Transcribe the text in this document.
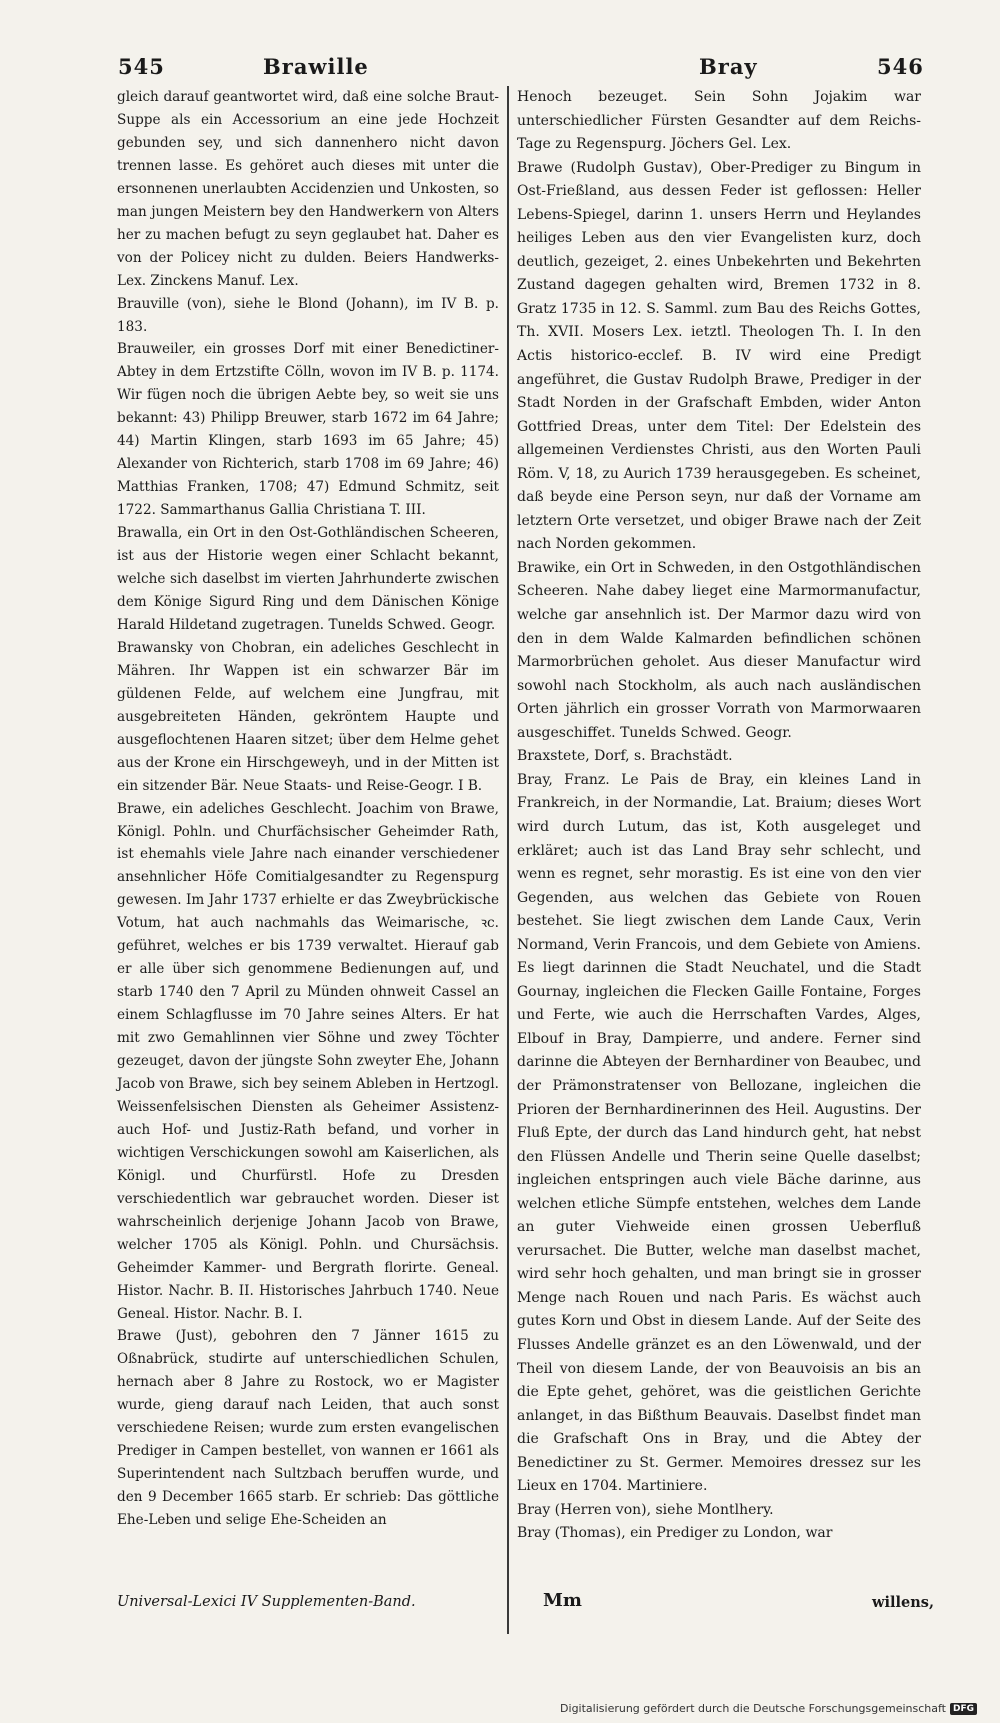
545	Brawille	Bray	546

gleich darauf geantwortet wird, daß eine solche Braut-Suppe als ein Accessorium an eine jede Hochzeit gebunden sey, und sich dannenhero nicht davon trennen lasse. Es gehöret auch dieses mit unter die ersonnenen unerlaubten Accidenzien und Unkosten, so man jungen Meistern bey den Handwerkern von Alters her zu machen befugt zu seyn geglaubet hat. Daher es von der Policey nicht zu dulden. Beiers Handwerks-Lex. Zinckens Manuf. Lex.

Brauville (von), siehe le Blond (Johann), im IV B. p. 183.

Brauweiler, ein grosses Dorf mit einer Benedictiner-Abtey in dem Ertzstifte Cölln, wovon im IV B. p. 1174. Wir fügen noch die übrigen Aebte bey, so weit sie uns bekannt: 43) Philipp Breuwer, starb 1672 im 64 Jahre; 44) Martin Klingen, starb 1693 im 65 Jahre; 45) Alexander von Richterich, starb 1708 im 69 Jahre; 46) Matthias Franken, 1708; 47) Edmund Schmitz, seit 1722. Sammarthanus Gallia Christiana T. III.

Brawalla, ein Ort in den Ost-Gothländischen Scheeren, ist aus der Historie wegen einer Schlacht bekannt, welche sich daselbst im vierten Jahrhunderte zwischen dem Könige Sigurd Ring und dem Dänischen Könige Harald Hildetand zugetragen. Tunelds Schwed. Geogr.

Brawansky von Chobran, ein adeliches Geschlecht in Mähren. Ihr Wappen ist ein schwarzer Bär im güldenen Felde, auf welchem eine Jungfrau, mit ausgebreiteten Händen, gekröntem Haupte und ausgeflochtenen Haaren sitzet; über dem Helme gehet aus der Krone ein Hirschgeweyh, und in der Mitten ist ein sitzender Bär. Neue Staats- und Reise-Geogr. I B.

Brawe, ein adeliches Geschlecht. Joachim von Brawe, Königl. Pohln. und Churfächsischer Geheimder Rath, ist ehemahls viele Jahre nach einander verschiedener ansehnlicher Höfe Comitialgesandter zu Regenspurg gewesen. Im Jahr 1737 erhielte er das Zweybrückische Votum, hat auch nachmahls das Weimarische, ꝛc. geführet, welches er bis 1739 verwaltet. Hierauf gab er alle über sich genommene Bedienungen auf, und starb 1740 den 7 April zu Münden ohnweit Cassel an einem Schlagflusse im 70 Jahre seines Alters. Er hat mit zwo Gemahlinnen vier Söhne und zwey Töchter gezeuget, davon der jüngste Sohn zweyter Ehe, Johann Jacob von Brawe, sich bey seinem Ableben in Hertzogl. Weissenfelsischen Diensten als Geheimer Assistenz- auch Hof- und Justiz-Rath befand, und vorher in wichtigen Verschickungen sowohl am Kaiserlichen, als Königl. und Churfürstl. Hofe zu Dresden verschiedentlich war gebrauchet worden. Dieser ist wahrscheinlich derjenige Johann Jacob von Brawe, welcher 1705 als Königl. Pohln. und Chursächsis. Geheimder Kammer- und Bergrath florirte. Geneal. Histor. Nachr. B. II. Historisches Jahrbuch 1740. Neue Geneal. Histor. Nachr. B. I.

Brawe (Just), gebohren den 7 Jänner 1615 zu Oßnabrück, studirte auf unterschiedlichen Schulen, hernach aber 8 Jahre zu Rostock, wo er Magister wurde, gieng darauf nach Leiden, that auch sonst verschiedene Reisen; wurde zum ersten evangelischen Prediger in Campen bestellet, von wannen er 1661 als Superintendent nach Sultzbach beruffen wurde, und den 9 December 1665 starb. Er schrieb: Das göttliche Ehe-Leben und selige Ehe-Scheiden an

Henoch bezeuget. Sein Sohn Jojakim war unterschiedlicher Fürsten Gesandter auf dem Reichs-Tage zu Regenspurg. Jöchers Gel. Lex.

Brawe (Rudolph Gustav), Ober-Prediger zu Bingum in Ost-Frießland, aus dessen Feder ist geflossen: Heller Lebens-Spiegel, darinn 1. unsers Herrn und Heylandes heiliges Leben aus den vier Evangelisten kurz, doch deutlich, gezeiget, 2. eines Unbekehrten und Bekehrten Zustand dagegen gehalten wird, Bremen 1732 in 8. Gratz 1735 in 12. S. Samml. zum Bau des Reichs Gottes, Th. XVII. Mosers Lex. ietztl. Theologen Th. I. In den Actis historico-ecclef. B. IV wird eine Predigt angeführet, die Gustav Rudolph Brawe, Prediger in der Stadt Norden in der Grafschaft Embden, wider Anton Gottfried Dreas, unter dem Titel: Der Edelstein des allgemeinen Verdienstes Christi, aus den Worten Pauli Röm. V, 18, zu Aurich 1739 herausgegeben. Es scheinet, daß beyde eine Person seyn, nur daß der Vorname am letztern Orte versetzet, und obiger Brawe nach der Zeit nach Norden gekommen.

Brawike, ein Ort in Schweden, in den Ostgothländischen Scheeren. Nahe dabey lieget eine Marmormanufactur, welche gar ansehnlich ist. Der Marmor dazu wird von den in dem Walde Kalmarden befindlichen schönen Marmorbrüchen geholet. Aus dieser Manufactur wird sowohl nach Stockholm, als auch nach ausländischen Orten jährlich ein grosser Vorrath von Marmorwaaren ausgeschiffet. Tunelds Schwed. Geogr.

Braxstete, Dorf, s. Brachstädt.

Bray, Franz. Le Pais de Bray, ein kleines Land in Frankreich, in der Normandie, Lat. Braium; dieses Wort wird durch Lutum, das ist, Koth ausgeleget und erkläret; auch ist das Land Bray sehr schlecht, und wenn es regnet, sehr morastig. Es ist eine von den vier Gegenden, aus welchen das Gebiete von Rouen bestehet. Sie liegt zwischen dem Lande Caux, Verin Normand, Verin Francois, und dem Gebiete von Amiens. Es liegt darinnen die Stadt Neuchatel, und die Stadt Gournay, ingleichen die Flecken Gaille Fontaine, Forges und Ferte, wie auch die Herrschaften Vardes, Alges, Elbouf in Bray, Dampierre, und andere. Ferner sind darinne die Abteyen der Bernhardiner von Beaubec, und der Prämonstratenser von Bellozane, ingleichen die Prioren der Bernhardinerinnen des Heil. Augustins. Der Fluß Epte, der durch das Land hindurch geht, hat nebst den Flüssen Andelle und Therin seine Quelle daselbst; ingleichen entspringen auch viele Bäche darinne, aus welchen etliche Sümpfe entstehen, welches dem Lande an guter Viehweide einen grossen Ueberfluß verursachet. Die Butter, welche man daselbst machet, wird sehr hoch gehalten, und man bringt sie in grosser Menge nach Rouen und nach Paris. Es wächst auch gutes Korn und Obst in diesem Lande. Auf der Seite des Flusses Andelle gränzet es an den Löwenwald, und der Theil von diesem Lande, der von Beauvoisis an bis an die Epte gehet, gehöret, was die geistlichen Gerichte anlanget, in das Bißthum Beauvais. Daselbst findet man die Grafschaft Ons in Bray, und die Abtey der Benedictiner zu St. Germer. Memoires dressez sur les Lieux en 1704. Martiniere.

Bray (Herren von), siehe Montlhery.

Bray (Thomas), ein Prediger zu London, war

Universal-Lexici IV Supplementen-Band.	Mm	willens,
Digitalisierung gefördert durch die Deutsche Forschungsgemeinschaft DFG
